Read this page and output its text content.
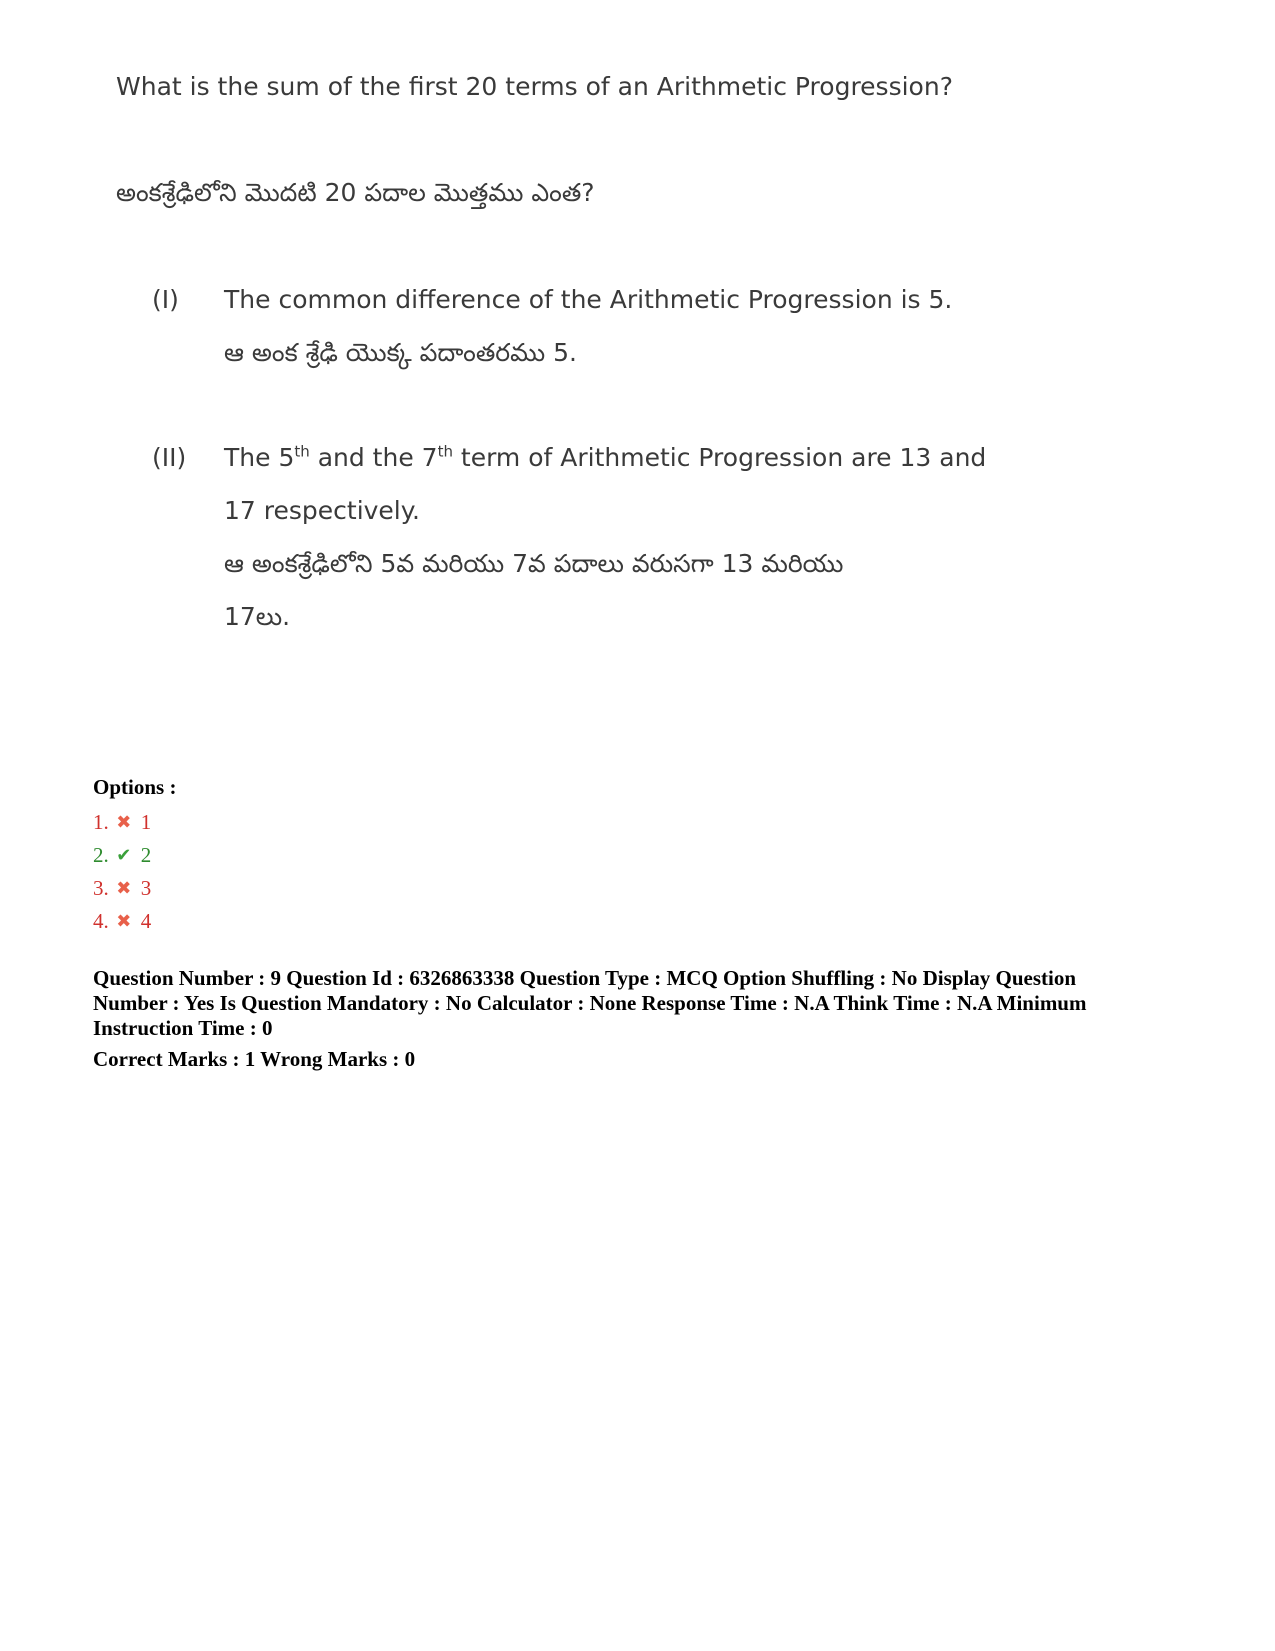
What is the sum of the first 20 terms of an Arithmetic Progression?
అంకశ్రేఢిలోని మొదటి 20 పదాల మొత్తము ఎంత?
(I) The common difference of the Arithmetic Progression is 5.
ఆ అంక శ్రేఢి యొక్క పదాంతరము 5.
(II) The 5th and the 7th term of Arithmetic Progression are 13 and
17 respectively.
ఆ అంకశ్రేఢిలోని 5వ మరియు 7వ పదాలు వరుసగా 13 మరియు
17లు.
Options :
1. ✖ 1
2. ✔ 2
3. ✖ 3
4. ✖ 4
Question Number : 9 Question Id : 6326863338 Question Type : MCQ Option Shuffling : No Display Question Number : Yes Is Question Mandatory : No Calculator : None Response Time : N.A Think Time : N.A Minimum Instruction Time : 0
Correct Marks : 1 Wrong Marks : 0
